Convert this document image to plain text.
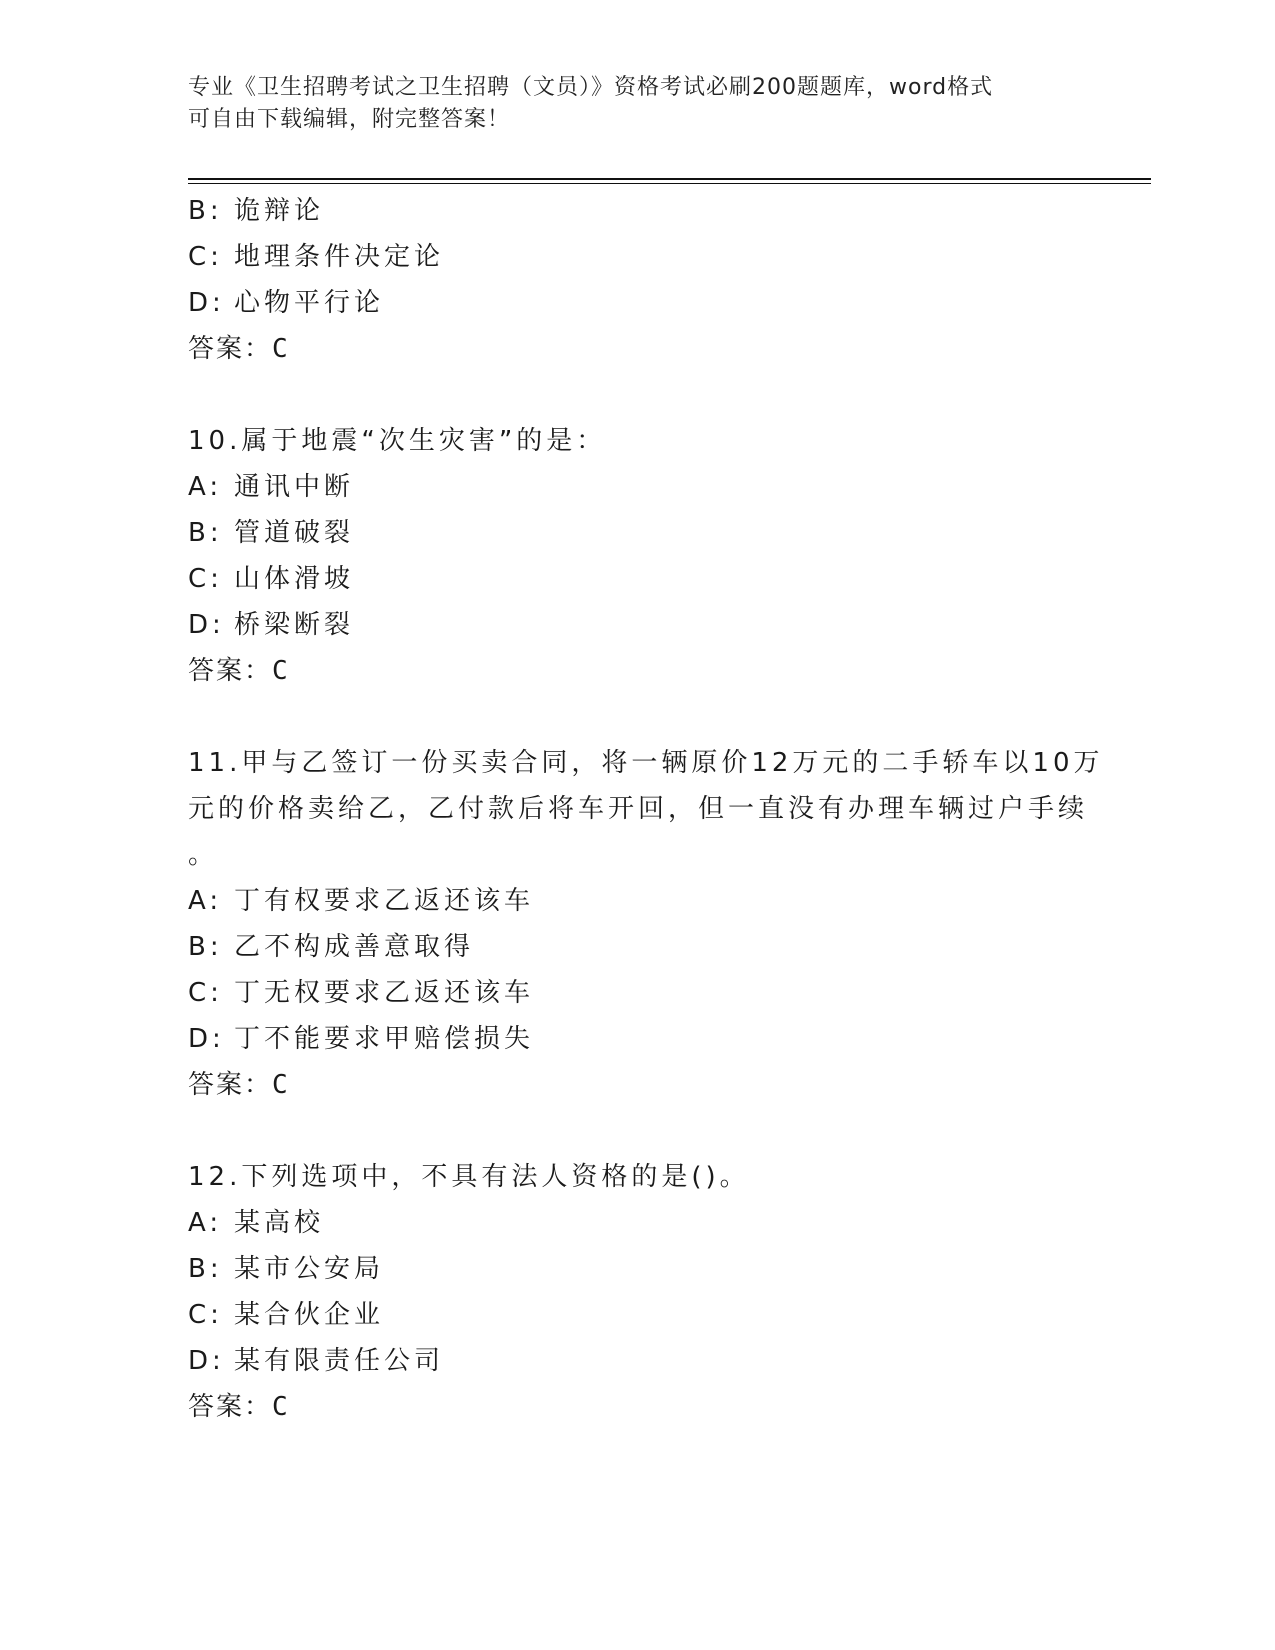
专业《卫生招聘考试之卫生招聘（文员）》资格考试必刷200题题库，word格式
可自由下载编辑，附完整答案！
B: 诡辩论
C: 地理条件决定论
D: 心物平行论
答案：C
10.属于地震“次生灾害”的是：
A: 通讯中断
B: 管道破裂
C: 山体滑坡
D: 桥梁断裂
答案：C
11.甲与乙签订一份买卖合同，将一辆原价12万元的二手轿车以10万
元的价格卖给乙，乙付款后将车开回，但一直没有办理车辆过户手续
。
A: 丁有权要求乙返还该车
B: 乙不构成善意取得
C: 丁无权要求乙返还该车
D: 丁不能要求甲赔偿损失
答案：C
12.下列选项中，不具有法人资格的是()。
A: 某高校
B: 某市公安局
C: 某合伙企业
D: 某有限责任公司
答案：C
